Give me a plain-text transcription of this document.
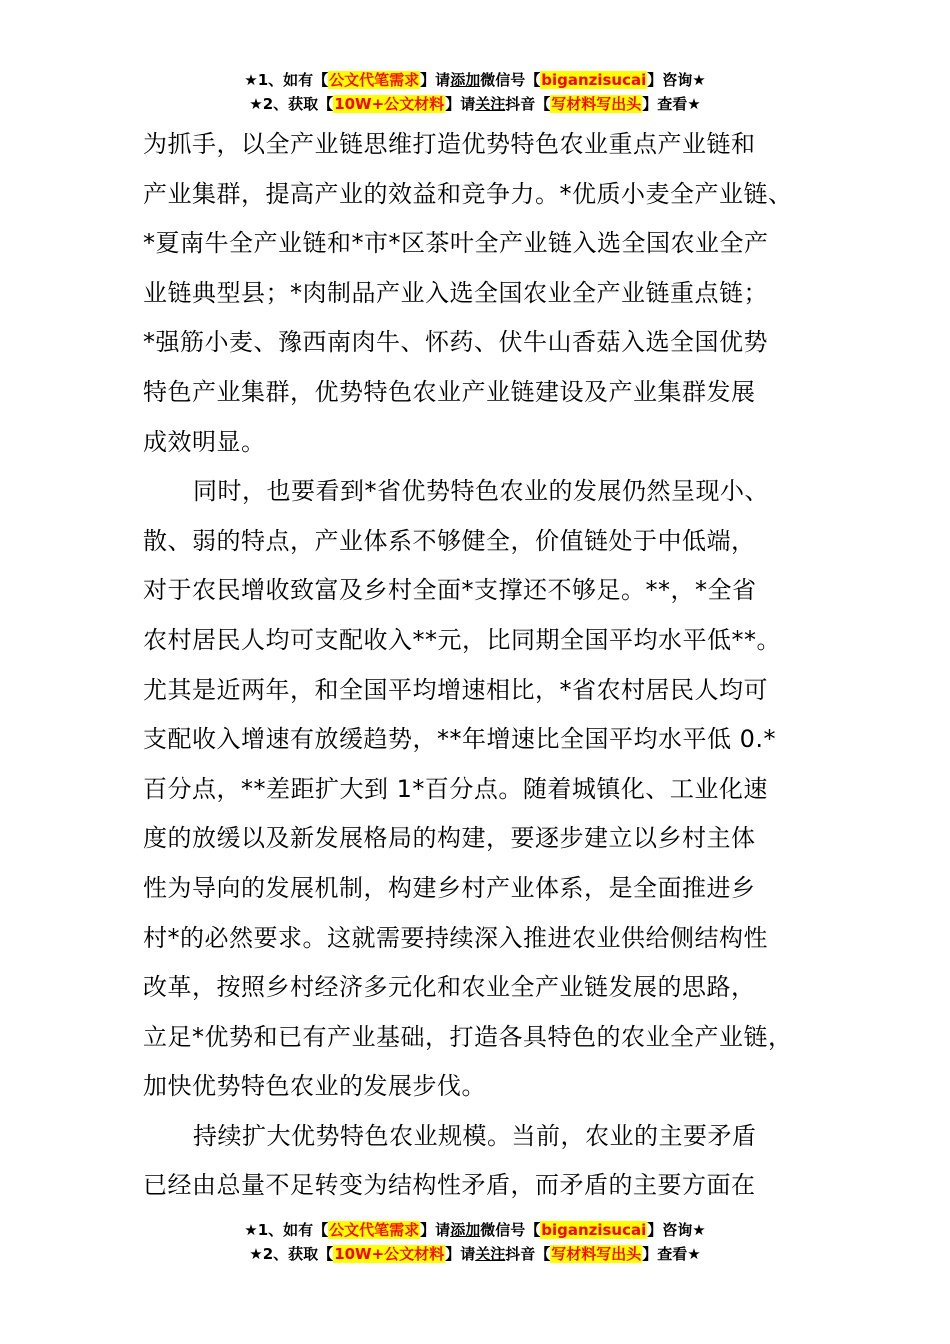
★1、如有【公文代笔需求】请添加微信号【biganzisucai】咨询★
★2、获取【10W+公文材料】请关注抖音【写材料写出头】查看★
为抓手，以全产业链思维打造优势特色农业重点产业链和
产业集群，提高产业的效益和竞争力。*优质小麦全产业链、
*夏南牛全产业链和*市*区茶叶全产业链入选全国农业全产
业链典型县；*肉制品产业入选全国农业全产业链重点链；
*强筋小麦、豫西南肉牛、怀药、伏牛山香菇入选全国优势
特色产业集群，优势特色农业产业链建设及产业集群发展
成效明显。
同时，也要看到*省优势特色农业的发展仍然呈现小、
散、弱的特点，产业体系不够健全，价值链处于中低端，
对于农民增收致富及乡村全面*支撑还不够足。**，*全省
农村居民人均可支配收入**元，比同期全国平均水平低**。
尤其是近两年，和全国平均增速相比，*省农村居民人均可
支配收入增速有放缓趋势，**年增速比全国平均水平低 0.*
百分点，**差距扩大到 1*百分点。随着城镇化、工业化速
度的放缓以及新发展格局的构建，要逐步建立以乡村主体
性为导向的发展机制，构建乡村产业体系，是全面推进乡
村*的必然要求。这就需要持续深入推进农业供给侧结构性
改革，按照乡村经济多元化和农业全产业链发展的思路，
立足*优势和已有产业基础，打造各具特色的农业全产业链，
加快优势特色农业的发展步伐。
持续扩大优势特色农业规模。当前，农业的主要矛盾
已经由总量不足转变为结构性矛盾，而矛盾的主要方面在
★1、如有【公文代笔需求】请添加微信号【biganzisucai】咨询★
★2、获取【10W+公文材料】请关注抖音【写材料写出头】查看★
